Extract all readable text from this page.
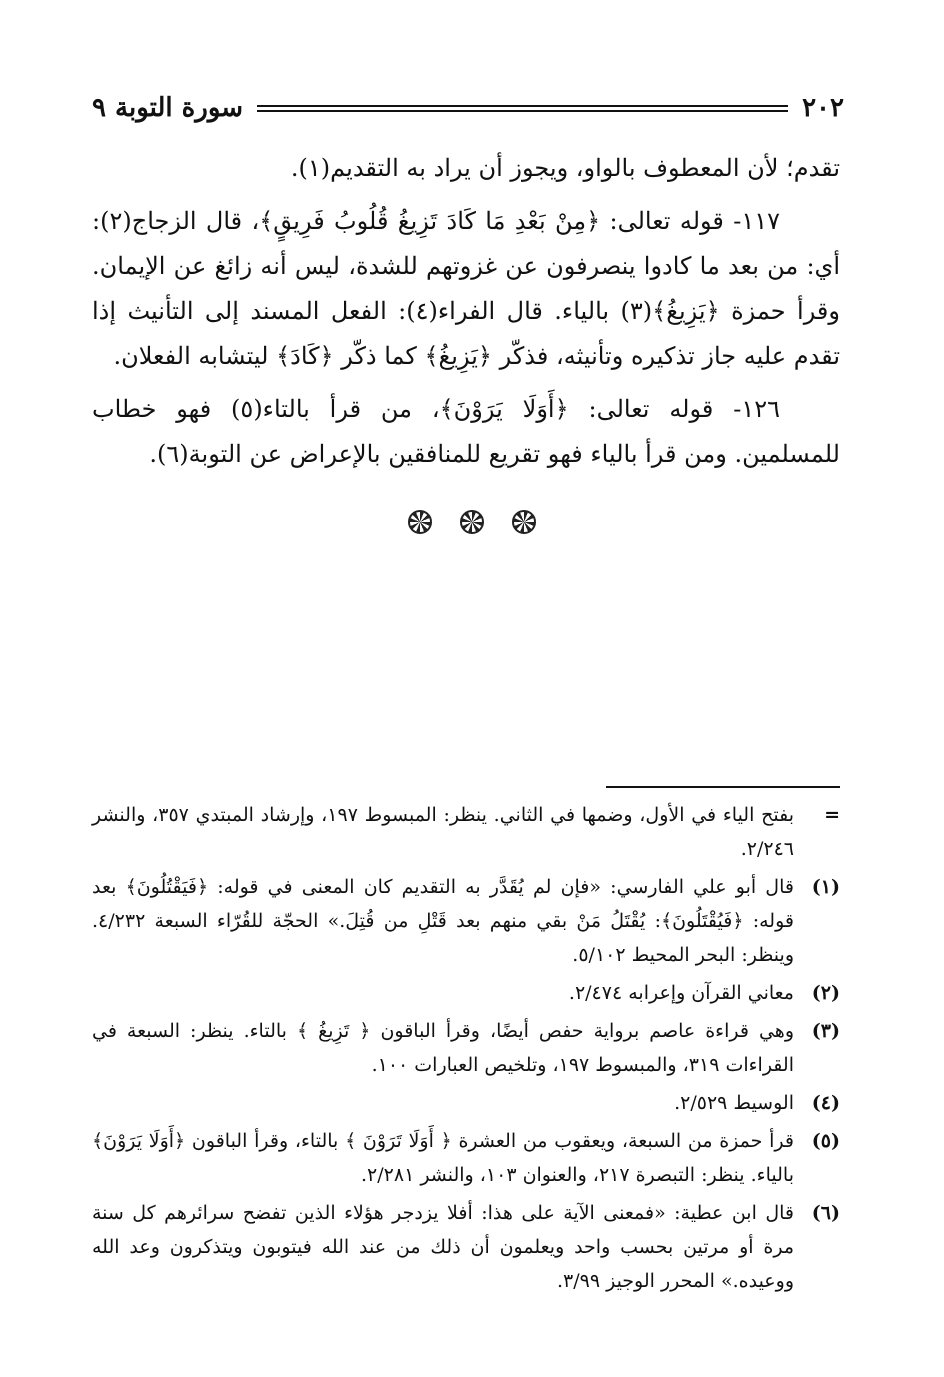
٢٠٢
سورة التوبة ٩

تقدم؛ لأن المعطوف بالواو، ويجوز أن يراد به التقديم(١).

١١٧- قوله تعالى: ﴿مِنْ بَعْدِ مَا كَادَ تَزِيغُ قُلُوبُ فَرِيقٍ﴾، قال الزجاج(٢): أي: من بعد ما كادوا ينصرفون عن غزوتهم للشدة، ليس أنه زائغ عن الإيمان. وقرأ حمزة ﴿يَزِيغُ﴾(٣) بالياء. قال الفراء(٤): الفعل المسند إلى التأنيث إذا تقدم عليه جاز تذكيره وتأنيثه، فذكّر ﴿يَزِيغُ﴾ كما ذكّر ﴿كَادَ﴾ ليتشابه الفعلان.

١٢٦- قوله تعالى: ﴿أَوَلَا يَرَوْنَ﴾، من قرأ بالتاء(٥) فهو خطاب للمسلمين. ومن قرأ بالياء فهو تقريع للمنافقين بالإعراض عن التوبة(٦).

=
بفتح الياء في الأول، وضمها في الثاني. ينظر: المبسوط ١٩٧، وإرشاد المبتدي ٣٥٧، والنشر ٢/٢٤٦.
(١)
قال أبو علي الفارسي: «فإن لم يُقَدَّر به التقديم كان المعنى في قوله: ﴿فَيَقْتُلُونَ﴾ بعد قوله: ﴿فَيُقْتَلُونَ﴾: يُقْتَلُ مَنْ بقي منهم بعد قَتْلِ من قُتِلَ.» الحجّة للقُرّاء السبعة ٤/٢٣٢. وينظر: البحر المحيط ٥/١٠٢.
(٢)
معاني القرآن وإعرابه ٢/٤٧٤.
(٣)
وهي قراءة عاصم برواية حفص أيضًا، وقرأ الباقون ﴿ تَزِيغُ ﴾ بالتاء. ينظر: السبعة في القراءات ٣١٩، والمبسوط ١٩٧، وتلخيص العبارات ١٠٠.
(٤)
الوسيط ٢/٥٢٩.
(٥)
قرأ حمزة من السبعة، ويعقوب من العشرة ﴿ أَوَلَا تَرَوْنَ ﴾ بالتاء، وقرأ الباقون ﴿أَوَلَا يَرَوْنَ﴾ بالياء. ينظر: التبصرة ٢١٧، والعنوان ١٠٣، والنشر ٢/٢٨١.
(٦)
قال ابن عطية: «فمعنى الآية على هذا: أفلا يزدجر هؤلاء الذين تفضح سرائرهم كل سنة مرة أو مرتين بحسب واحد ويعلمون أن ذلك من عند الله فيتوبون ويتذكرون وعد الله ووعيده.» المحرر الوجيز ٣/٩٩.
